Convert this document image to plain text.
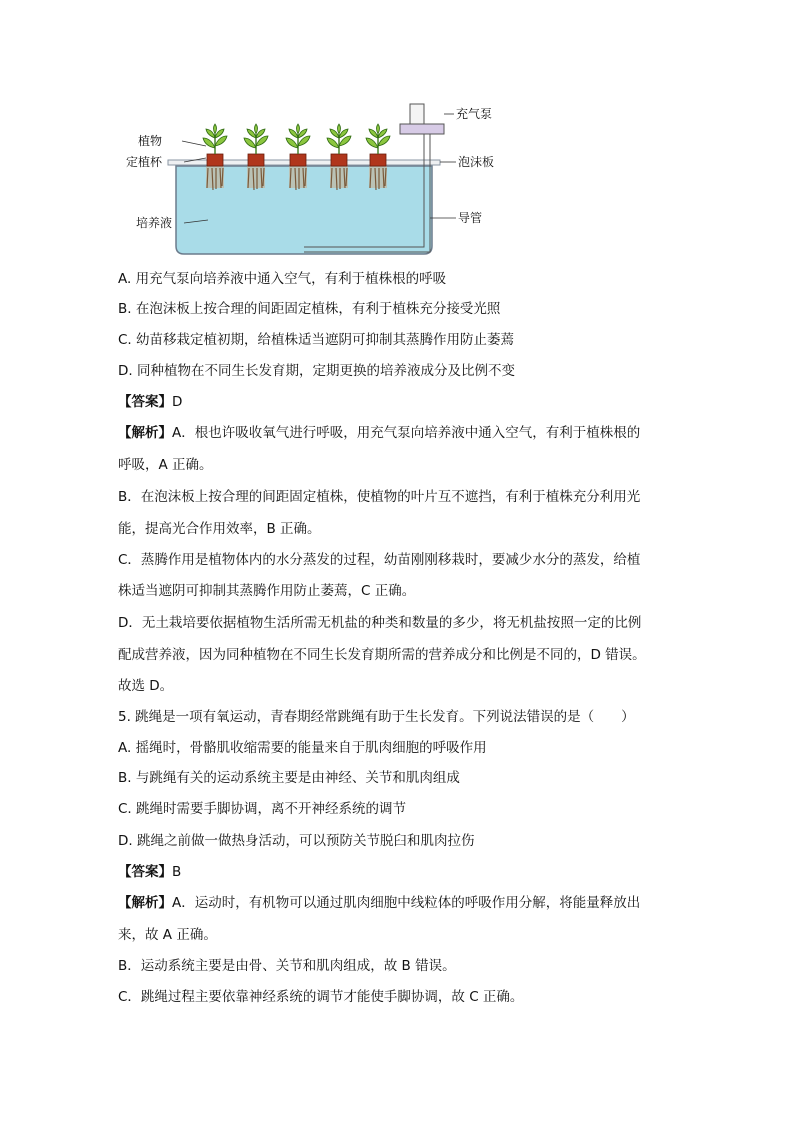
植物
定植杯
培养液
充气泵
泡沫板
导管
A. 用充气泵向培养液中通入空气，有利于植株根的呼吸
B. 在泡沫板上按合理的间距固定植株，有利于植株充分接受光照
C. 幼苗移栽定植初期，给植株适当遮阴可抑制其蒸腾作用防止萎蔫
D. 同种植物在不同生长发育期，定期更换的培养液成分及比例不变
【答案】D
【解析】A．根也许吸收氧气进行呼吸，用充气泵向培养液中通入空气，有利于植株根的
呼吸，A 正确。
B．在泡沫板上按合理的间距固定植株，使植物的叶片互不遮挡，有利于植株充分利用光
能，提高光合作用效率，B 正确。
C．蒸腾作用是植物体内的水分蒸发的过程，幼苗刚刚移栽时，要减少水分的蒸发，给植
株适当遮阴可抑制其蒸腾作用防止萎蔫，C 正确。
D．无土栽培要依据植物生活所需无机盐的种类和数量的多少，将无机盐按照一定的比例
配成营养液，因为同种植物在不同生长发育期所需的营养成分和比例是不同的，D 错误。
故选 D。
5. 跳绳是一项有氧运动，青春期经常跳绳有助于生长发育。下列说法错误的是（　　）
A. 摇绳时，骨骼肌收缩需要的能量来自于肌肉细胞的呼吸作用
B. 与跳绳有关的运动系统主要是由神经、关节和肌肉组成
C. 跳绳时需要手脚协调，离不开神经系统的调节
D. 跳绳之前做一做热身活动，可以预防关节脱臼和肌肉拉伤
【答案】B
【解析】A．运动时，有机物可以通过肌肉细胞中线粒体的呼吸作用分解，将能量释放出
来，故 A 正确。
B．运动系统主要是由骨、关节和肌肉组成，故 B 错误。
C．跳绳过程主要依靠神经系统的调节才能使手脚协调，故 C 正确。
